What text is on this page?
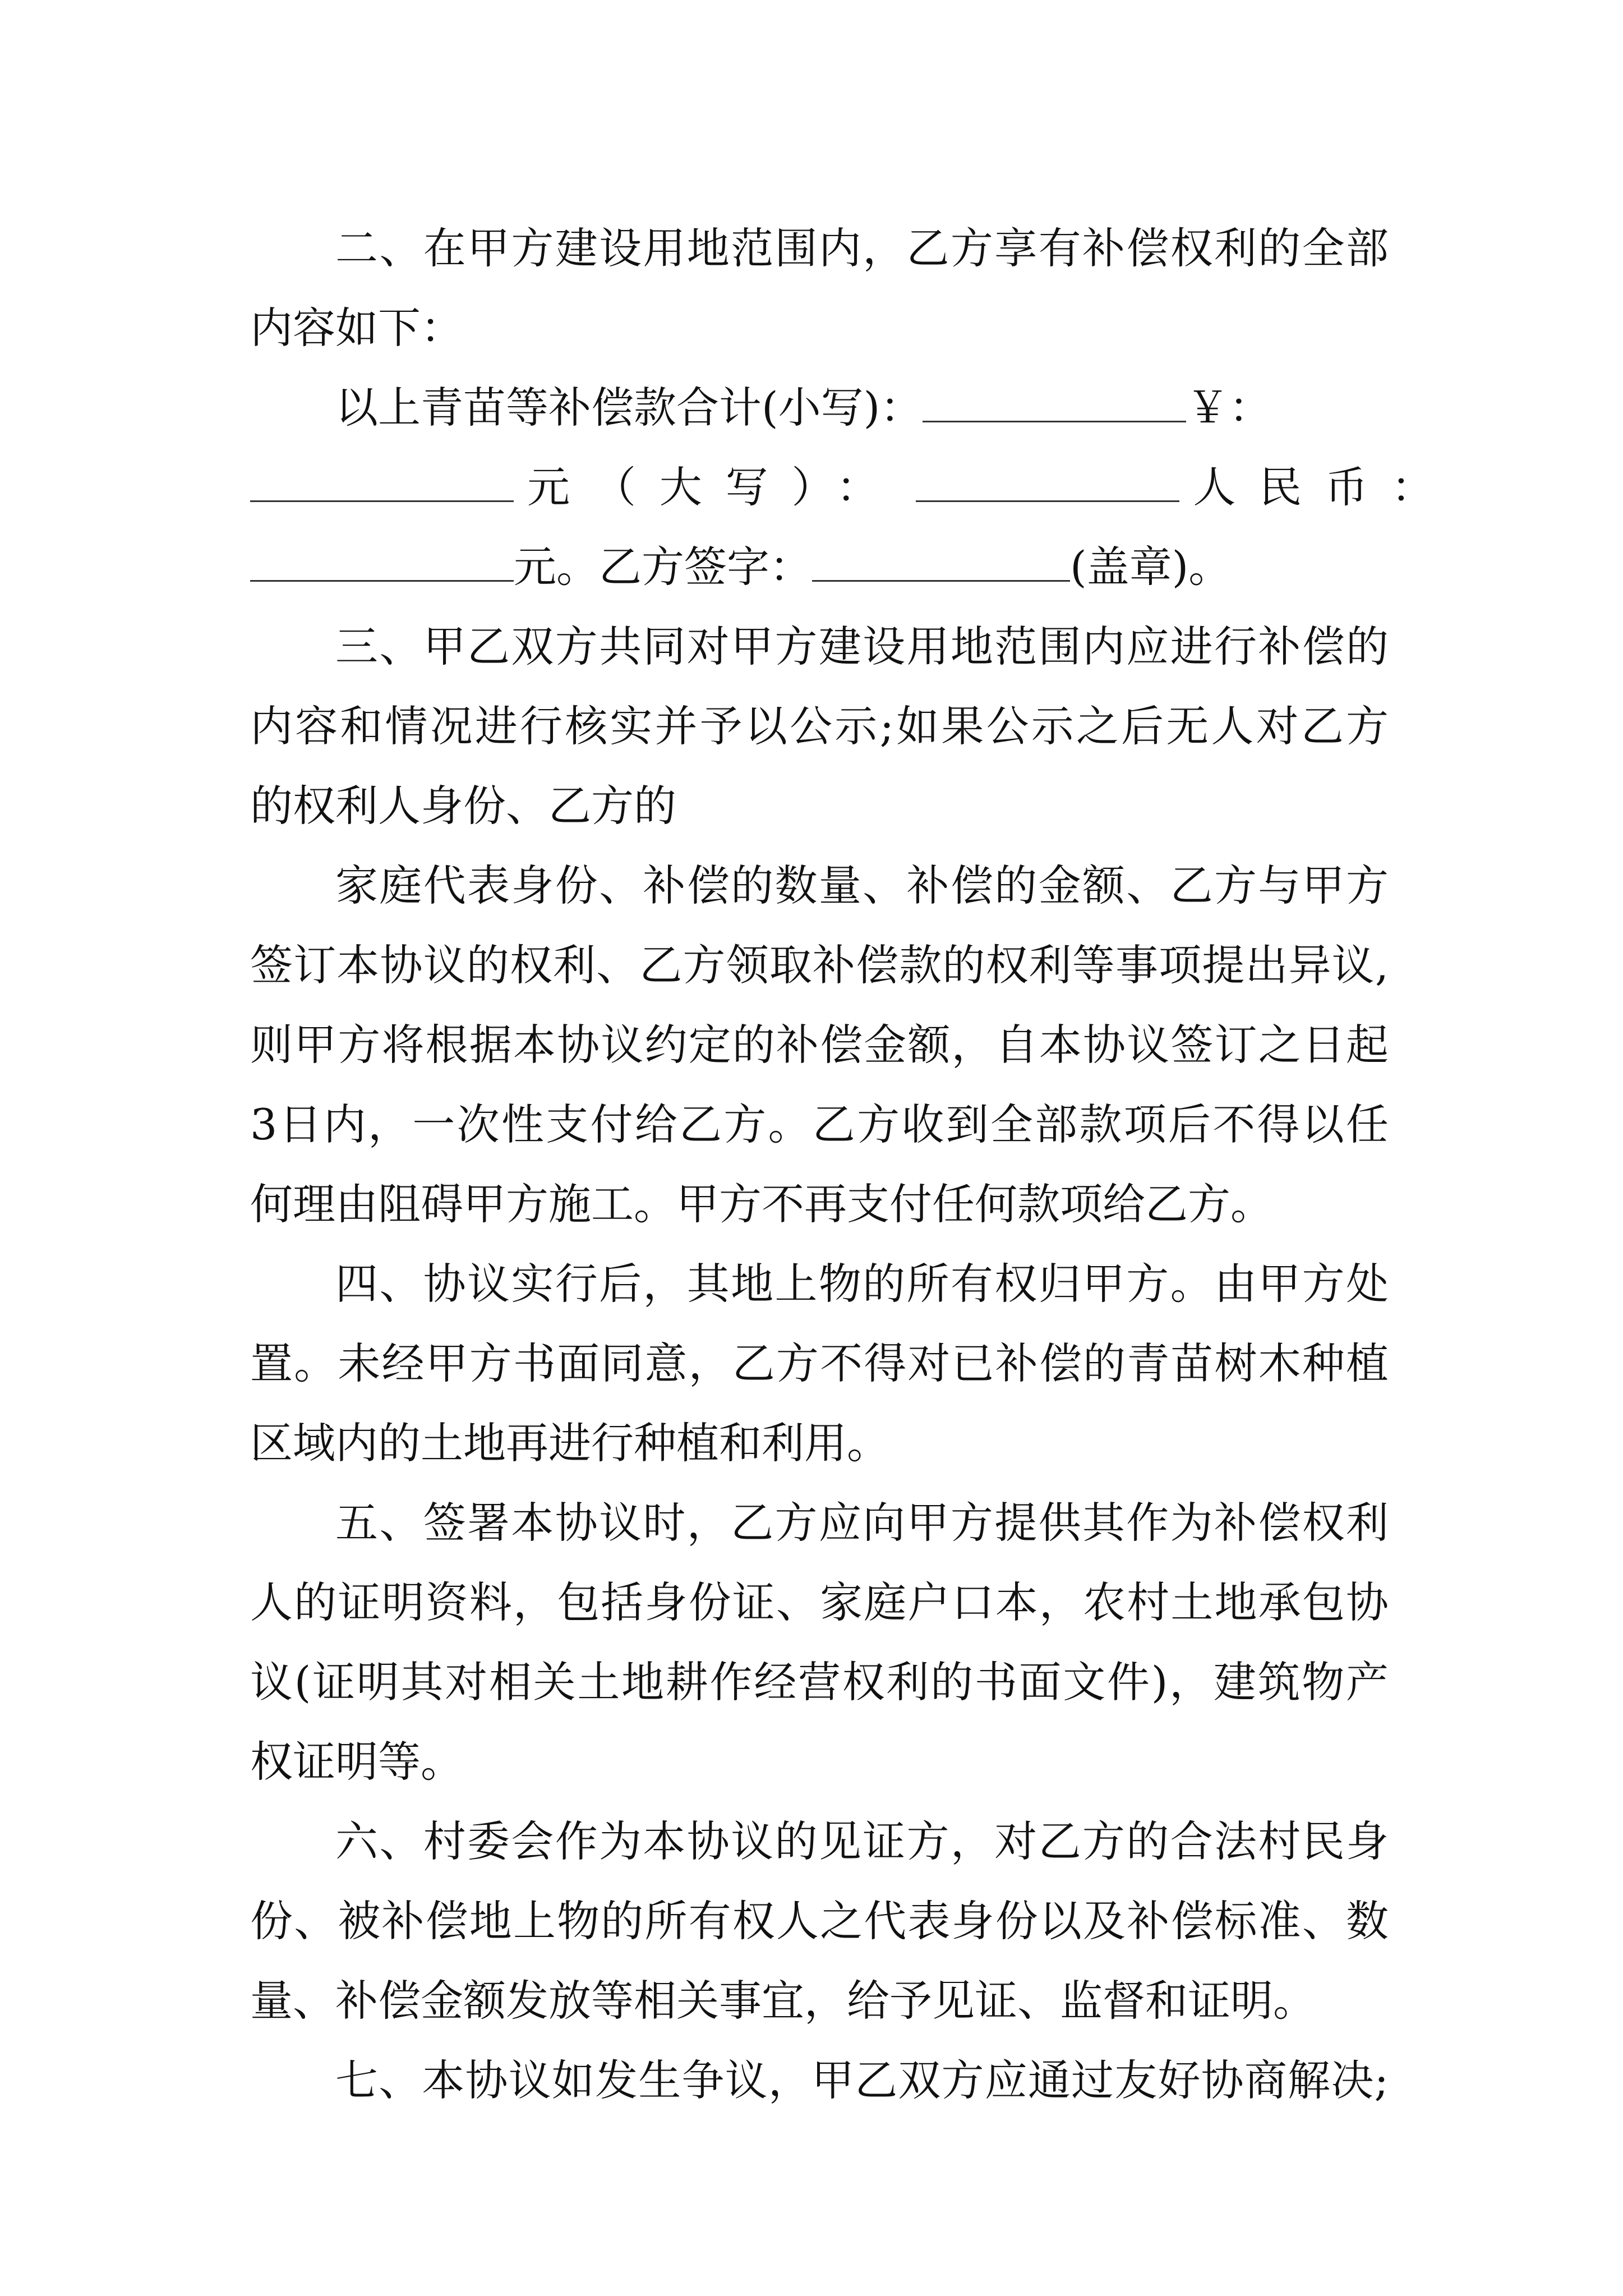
二、在甲方建设用地范围内，乙方享有补偿权利的全部
内容如下：
以上青苗等补偿款合计(小写)：	￥：
元（大写）：	人民币：
元。乙方签字：	(盖章)。
三、甲乙双方共同对甲方建设用地范围内应进行补偿的
内容和情况进行核实并予以公示;如果公示之后无人对乙方
的权利人身份、乙方的
家庭代表身份、补偿的数量、补偿的金额、乙方与甲方
签订本协议的权利、乙方领取补偿款的权利等事项提出异议,
则甲方将根据本协议约定的补偿金额，自本协议签订之日起
3日内，一次性支付给乙方。乙方收到全部款项后不得以任
何理由阻碍甲方施工。甲方不再支付任何款项给乙方。
四、协议实行后，其地上物的所有权归甲方。由甲方处
置。未经甲方书面同意，乙方不得对已补偿的青苗树木种植
区域内的土地再进行种植和利用。
五、签署本协议时，乙方应向甲方提供其作为补偿权利
人的证明资料，包括身份证、家庭户口本，农村土地承包协
议(证明其对相关土地耕作经营权利的书面文件)，建筑物产
权证明等。
六、村委会作为本协议的见证方，对乙方的合法村民身
份、被补偿地上物的所有权人之代表身份以及补偿标准、数
量、补偿金额发放等相关事宜，给予见证、监督和证明。
七、本协议如发生争议，甲乙双方应通过友好协商解决;
